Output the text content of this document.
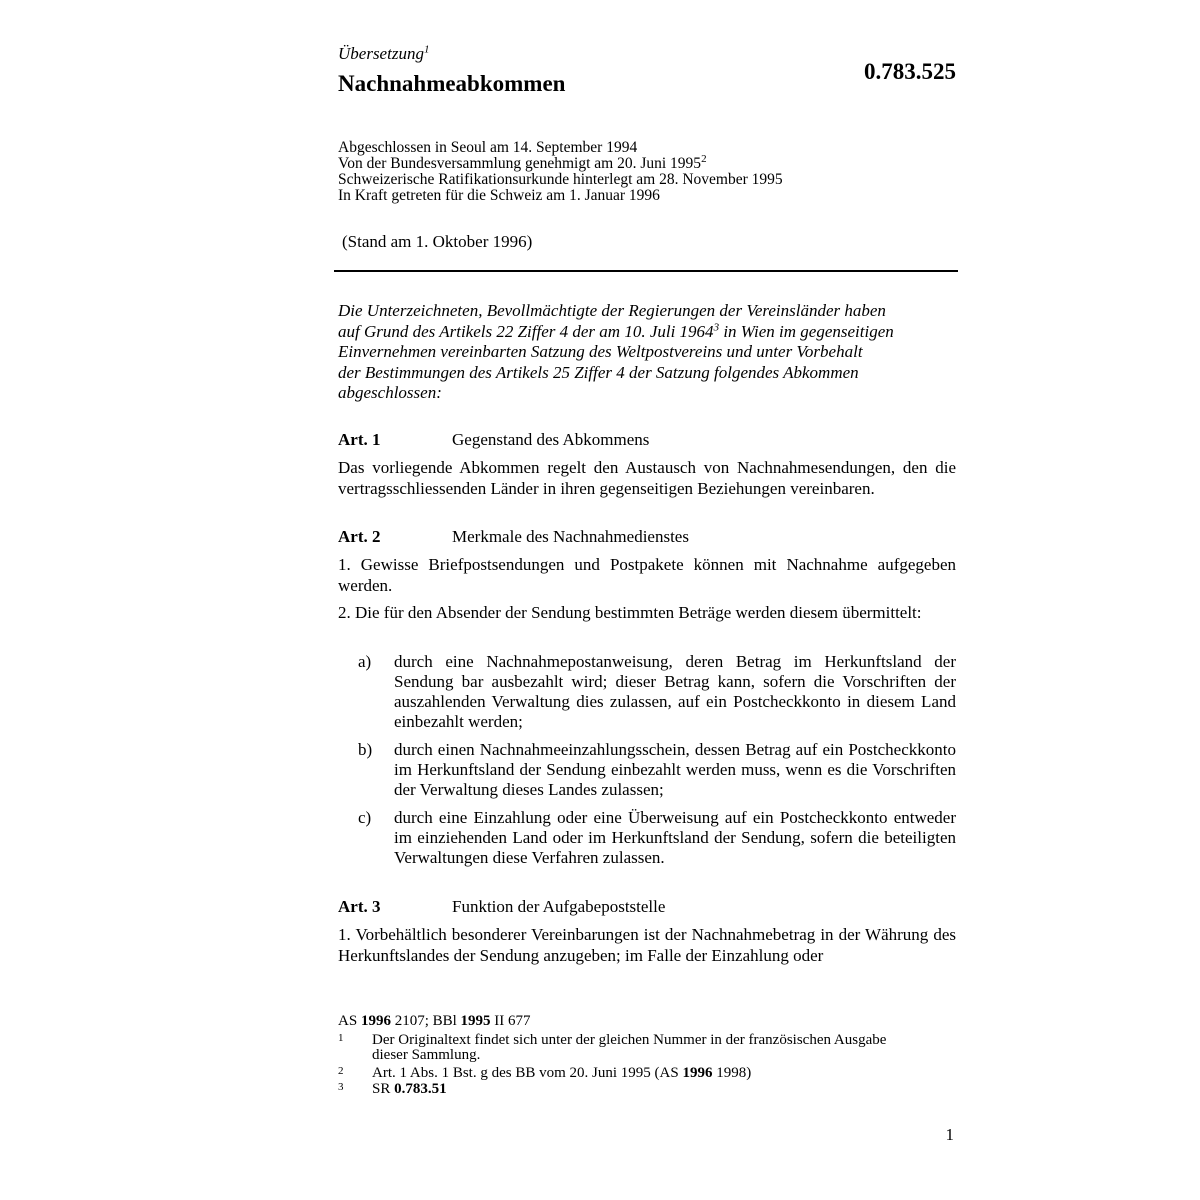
Übersetzung$^1$
Nachnahmeabkommen	0.783.525
Abgeschlossen in Seoul am 14. September 1994
Von der Bundesversammlung genehmigt am 20. Juni 1995$^2$
Schweizerische Ratifikationsurkunde hinterlegt am 28. November 1995
In Kraft getreten für die Schweiz am 1. Januar 1996
(Stand am 1. Oktober 1996)
Die Unterzeichneten, Bevollmächtigte der Regierungen der Vereinsländer haben
auf Grund des Artikels 22 Ziffer 4 der am 10. Juli 1964$^3$ in Wien im gegenseitigen
Einvernehmen vereinbarten Satzung des Weltpostvereins und unter Vorbehalt
der Bestimmungen des Artikels 25 Ziffer 4 der Satzung folgendes Abkommen
abgeschlossen:
Art. 1	Gegenstand des Abkommens
Das vorliegende Abkommen regelt den Austausch von Nachnahmesendungen, den die vertragsschliessenden Länder in ihren gegenseitigen Beziehungen vereinbaren.
Art. 2	Merkmale des Nachnahmedienstes
1. Gewisse Briefpostsendungen und Postpakete können mit Nachnahme aufgegeben werden.
2. Die für den Absender der Sendung bestimmten Beträge werden diesem übermittelt:
a) durch eine Nachnahmepostanweisung, deren Betrag im Herkunftsland der Sendung bar ausbezahlt wird; dieser Betrag kann, sofern die Vorschriften der auszahlenden Verwaltung dies zulassen, auf ein Postcheckkonto in diesem Land einbezahlt werden;
b) durch einen Nachnahmeeinzahlungsschein, dessen Betrag auf ein Postcheckkonto im Herkunftsland der Sendung einbezahlt werden muss, wenn es die Vorschriften der Verwaltung dieses Landes zulassen;
c) durch eine Einzahlung oder eine Überweisung auf ein Postcheckkonto entweder im einziehenden Land oder im Herkunftsland der Sendung, sofern die beteiligten Verwaltungen diese Verfahren zulassen.
Art. 3	Funktion der Aufgabepoststelle
1. Vorbehältlich besonderer Vereinbarungen ist der Nachnahmebetrag in der Währung des Herkunftslandes der Sendung anzugeben; im Falle der Einzahlung oder
AS 1996 2107; BBl 1995 II 677
1 Der Originaltext findet sich unter der gleichen Nummer in der französischen Ausgabe
dieser Sammlung.
2 Art. 1 Abs. 1 Bst. g des BB vom 20. Juni 1995 (AS 1996 1998)
3 SR 0.783.51
1
